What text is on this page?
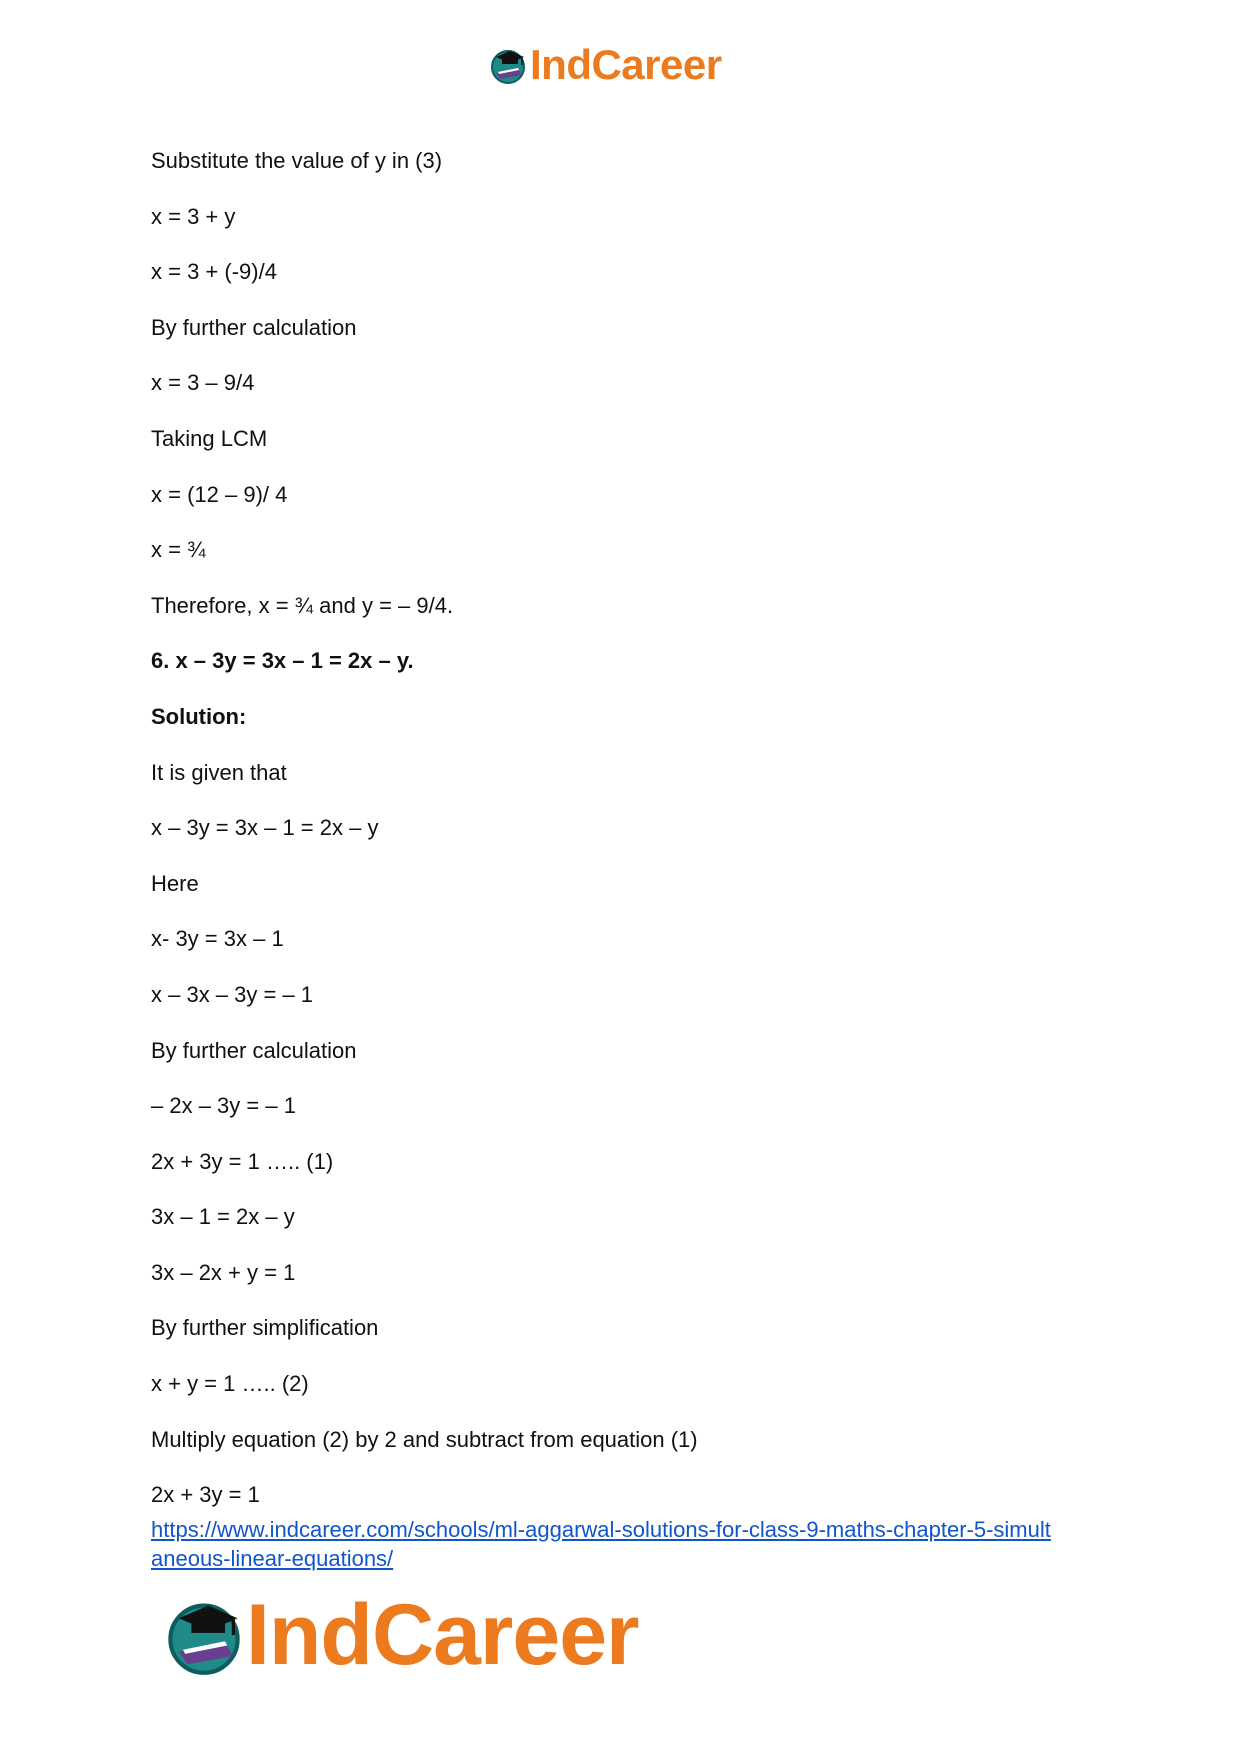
IndCareer
Substitute the value of y in (3)
x = 3 + y
x = 3 + (-9)/4
By further calculation
x = 3 – 9/4
Taking LCM
x = (12 – 9)/ 4
x = ¾
Therefore, x = ¾ and y = – 9/4.
6. x – 3y = 3x – 1 = 2x – y.
Solution:
It is given that
x – 3y = 3x – 1 = 2x – y
Here
x- 3y = 3x – 1
x – 3x – 3y = – 1
By further calculation
– 2x – 3y = – 1
2x + 3y = 1 ….. (1)
3x – 1 = 2x – y
3x – 2x + y = 1
By further simplification
x + y = 1 ….. (2)
Multiply equation (2) by 2 and subtract from equation (1)
2x + 3y = 1
https://www.indcareer.com/schools/ml-aggarwal-solutions-for-class-9-maths-chapter-5-simult
aneous-linear-equations/
IndCareer
